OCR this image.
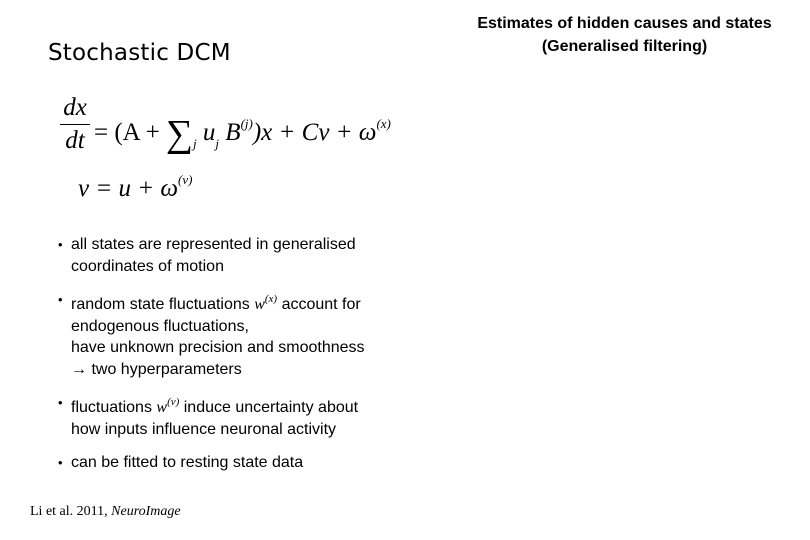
Stochastic DCM
Estimates of hidden causes and states
(Generalised filtering)
dx
dt = ($A + \sum_j$ $u_j$ $B^{(j)})x + Cv + \omega^{(x)}$
$v = u + \omega^{(v)}$
• all states are represented in generalised
coordinates of motion
• random state fluctuations $w^{(x)}$ account for
endogenous fluctuations,
have unknown precision and smoothness
→ two hyperparameters
• fluctuations $w^{(v)}$ induce uncertainty about
how inputs influence neuronal activity
• can be fitted to resting state data
Li et al. 2011, NeuroImage
